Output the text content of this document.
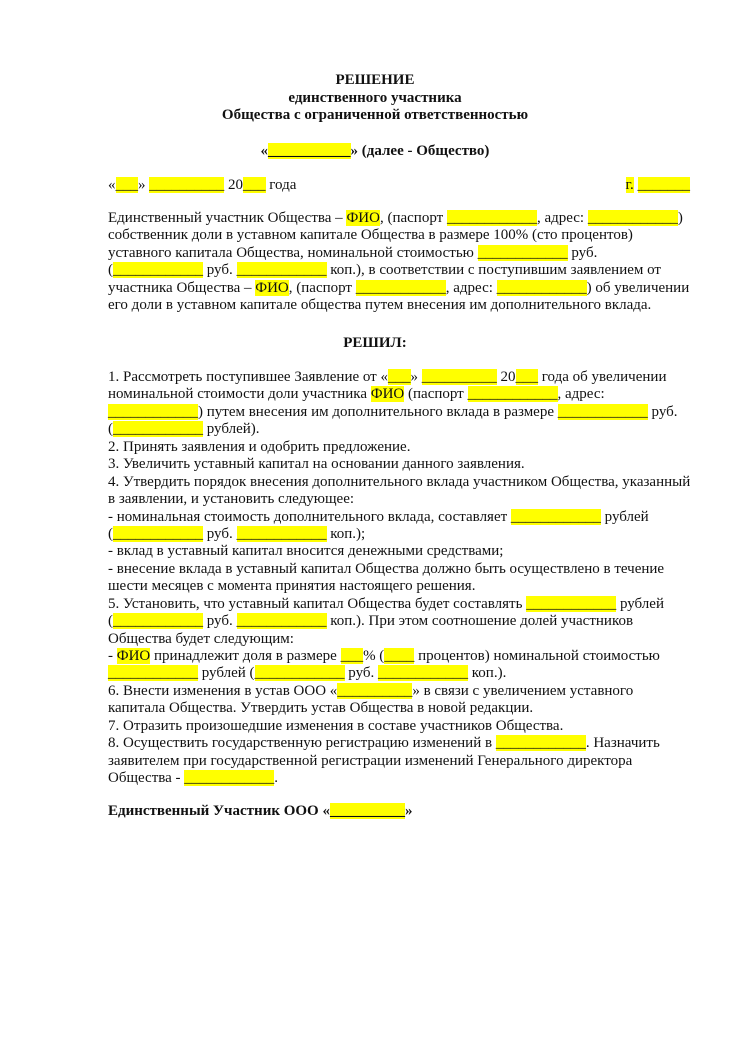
РЕШЕНИЕ
единственного участника
Общества с ограниченной ответственностью
«___________» (далее - Общество)
«___» __________ 20___ года	г. _______
Единственный участник Общества – ФИО, (паспорт ____________, адрес: ____________)
собственник доли в уставном капитале Общества в размере 100% (сто процентов)
уставного капитала Общества, номинальной стоимостью ____________ руб.
(____________ руб. ____________ коп.), в соответствии с поступившим заявлением от
участника Общества – ФИО, (паспорт ____________, адрес: ____________) об увеличении
его доли в уставном капитале общества путем внесения им дополнительного вклада.
РЕШИЛ:
1. Рассмотреть поступившее Заявление от «___» __________ 20___ года об увеличении
номинальной стоимости доли участника ФИО (паспорт ____________, адрес:
____________) путем внесения им дополнительного вклада в размере ____________ руб.
(____________ рублей).
2. Принять заявления и одобрить предложение.
3. Увеличить уставный капитал на основании данного заявления.
4. Утвердить порядок внесения дополнительного вклада участником Общества, указанный
в заявлении, и установить следующее:
- номинальная стоимость дополнительного вклада, составляет ____________ рублей
(____________ руб. ____________ коп.);
- вклад в уставный капитал вносится денежными средствами;
- внесение вклада в уставный капитал Общества должно быть осуществлено в течение
шести месяцев с момента принятия настоящего решения.
5. Установить, что уставный капитал Общества будет составлять ____________ рублей
(____________ руб. ____________ коп.). При этом соотношение долей участников
Общества будет следующим:
- ФИО принадлежит доля в размере ___% (____ процентов) номинальной стоимостью
____________ рублей (____________ руб. ____________ коп.).
6. Внести изменения в устав ООО «__________» в связи с увеличением уставного
капитала Общества. Утвердить устав Общества в новой редакции.
7. Отразить произошедшие изменения в составе участников Общества.
8. Осуществить государственную регистрацию изменений в ____________. Назначить
заявителем при государственной регистрации изменений Генерального директора
Общества - ____________.
Единственный Участник ООО «__________»
